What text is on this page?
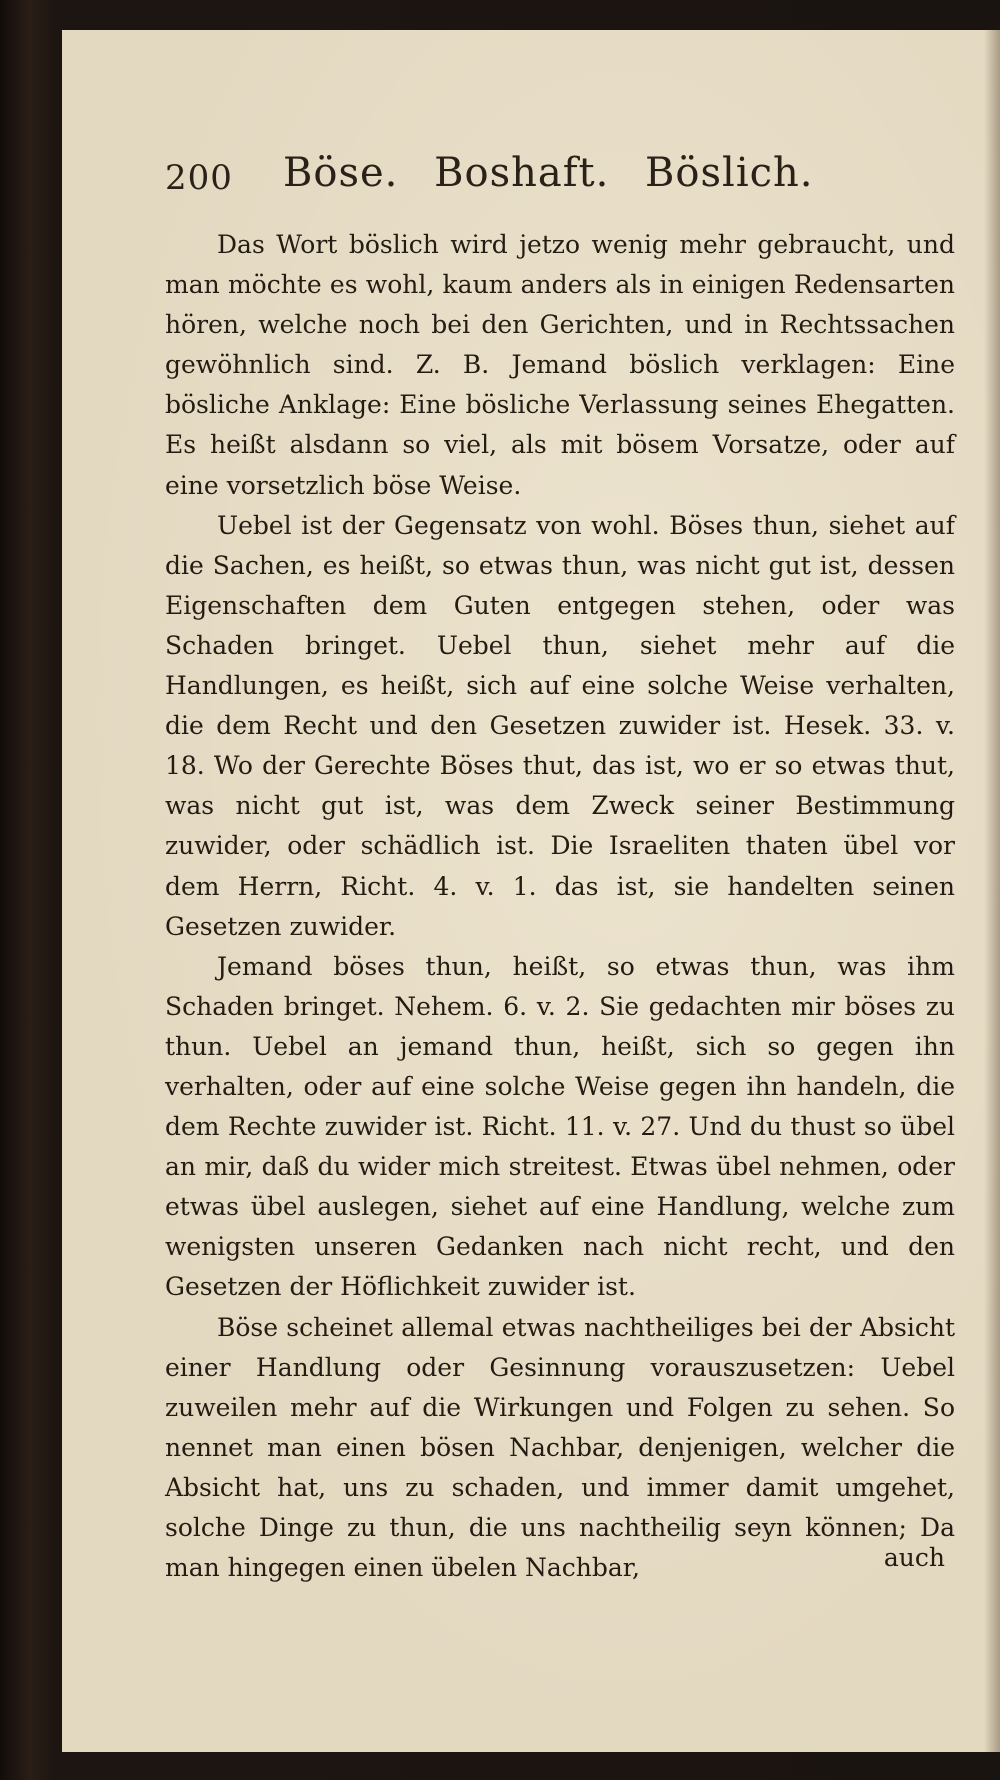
200 Böse. Boshaft. Böslich.

Das Wort böslich wird jetzo wenig mehr gebraucht, und man möchte es wohl, kaum anders als in einigen Redensarten hören, welche noch bei den Gerichten, und in Rechtssachen gewöhnlich sind. Z. B. Jemand böslich verklagen: Eine bösliche Anklage: Eine bösliche Verlassung seines Ehegatten. Es heißt alsdann so viel, als mit bösem Vorsatze, oder auf eine vorsetzlich böse Weise.

Uebel ist der Gegensatz von wohl. Böses thun, siehet auf die Sachen, es heißt, so etwas thun, was nicht gut ist, dessen Eigenschaften dem Guten entgegen stehen, oder was Schaden bringet. Uebel thun, siehet mehr auf die Handlungen, es heißt, sich auf eine solche Weise verhalten, die dem Recht und den Gesetzen zuwider ist. Hesek. 33. v. 18. Wo der Gerechte Böses thut, das ist, wo er so etwas thut, was nicht gut ist, was dem Zweck seiner Bestimmung zuwider, oder schädlich ist. Die Israeliten thaten übel vor dem Herrn, Richt. 4. v. 1. das ist, sie handelten seinen Gesetzen zuwider.

Jemand böses thun, heißt, so etwas thun, was ihm Schaden bringet. Nehem. 6. v. 2. Sie gedachten mir böses zu thun. Uebel an jemand thun, heißt, sich so gegen ihn verhalten, oder auf eine solche Weise gegen ihn handeln, die dem Rechte zuwider ist. Richt. 11. v. 27. Und du thust so übel an mir, daß du wider mich streitest. Etwas übel nehmen, oder etwas übel auslegen, siehet auf eine Handlung, welche zum wenigsten unseren Gedanken nach nicht recht, und den Gesetzen der Höflichkeit zuwider ist.

Böse scheinet allemal etwas nachtheiliges bei der Absicht einer Handlung oder Gesinnung vorauszusetzen: Uebel zuweilen mehr auf die Wirkungen und Folgen zu sehen. So nennet man einen bösen Nachbar, denjenigen, welcher die Absicht hat, uns zu schaden, und immer damit umgehet, solche Dinge zu thun, die uns nachtheilig seyn können; Da man hingegen einen übelen Nachbar,	auch
